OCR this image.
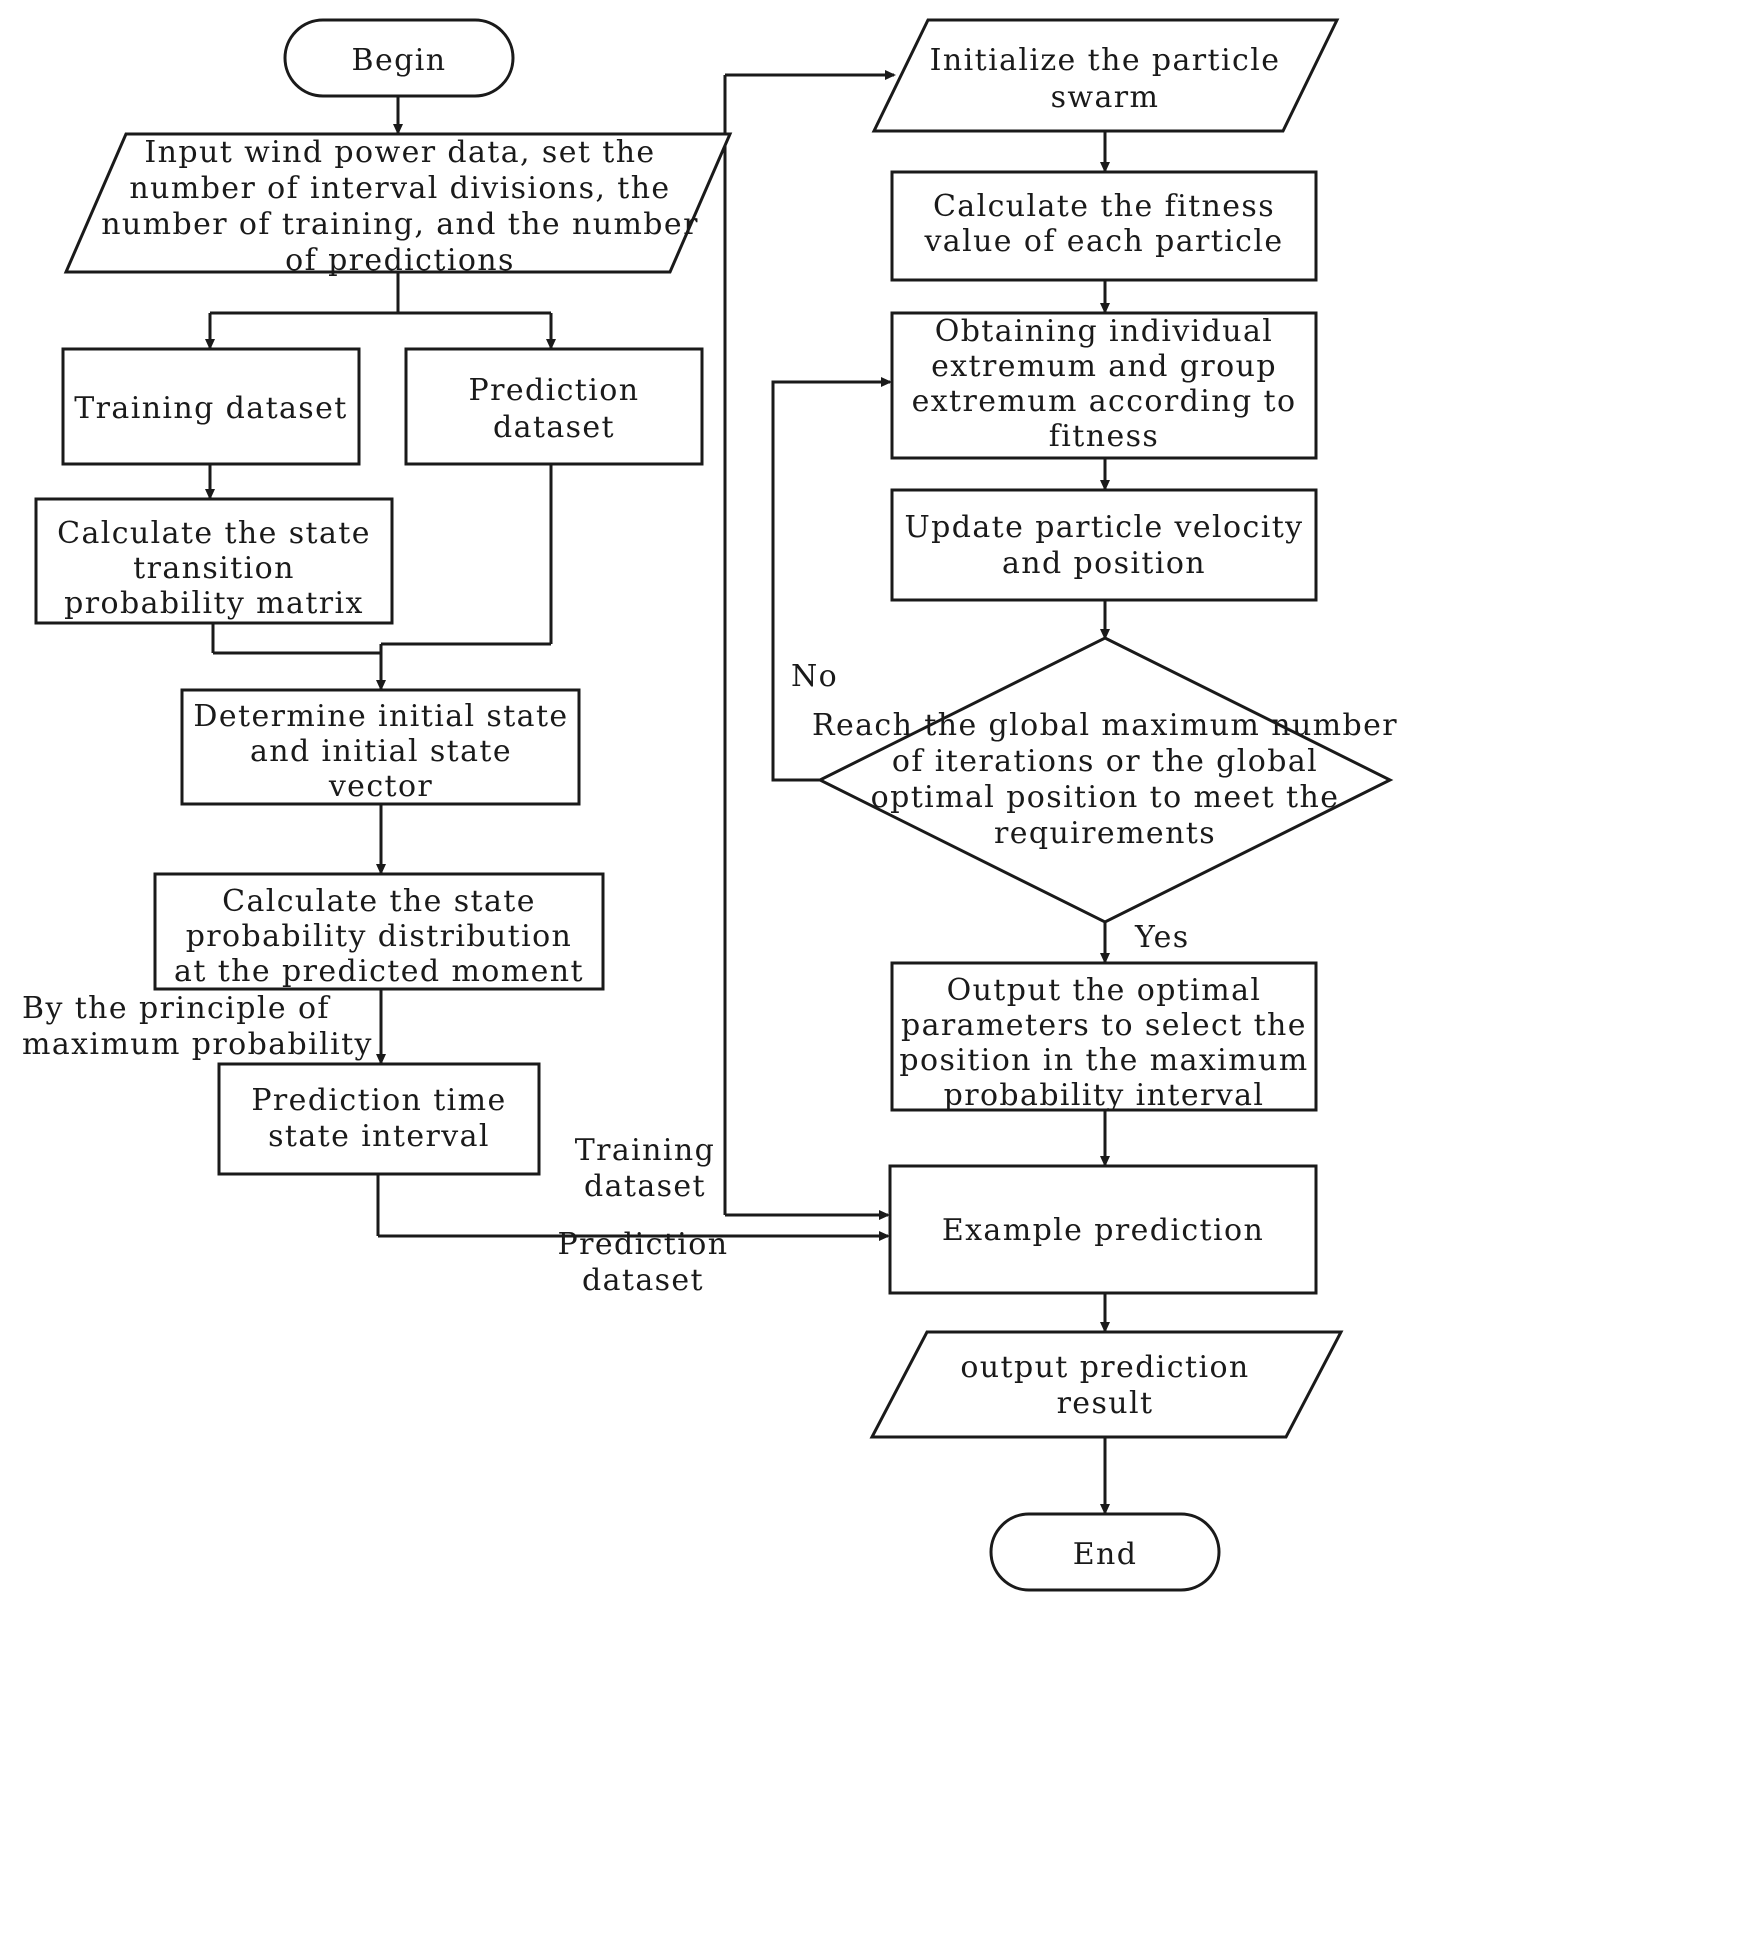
Begin
Input wind power data, set the
number of interval divisions, the
number of training, and the number
of predictions
Training dataset
Prediction
dataset
Calculate the state
transition
probability matrix
Determine initial state
and initial state
vector
Calculate the state
probability distribution
at the predicted moment
Prediction time
state interval
Initialize the particle
swarm
Calculate the fitness
value of each particle
Obtaining individual
extremum and group
extremum according to
fitness
Update particle velocity
and position
Reach the global maximum number
of iterations or the global
optimal position to meet the
requirements
Output the optimal
parameters to select the
position in the maximum
probability interval
Example prediction
output prediction
result
End
No
Yes
Training
dataset
Prediction
dataset
By the principle of
maximum probability
